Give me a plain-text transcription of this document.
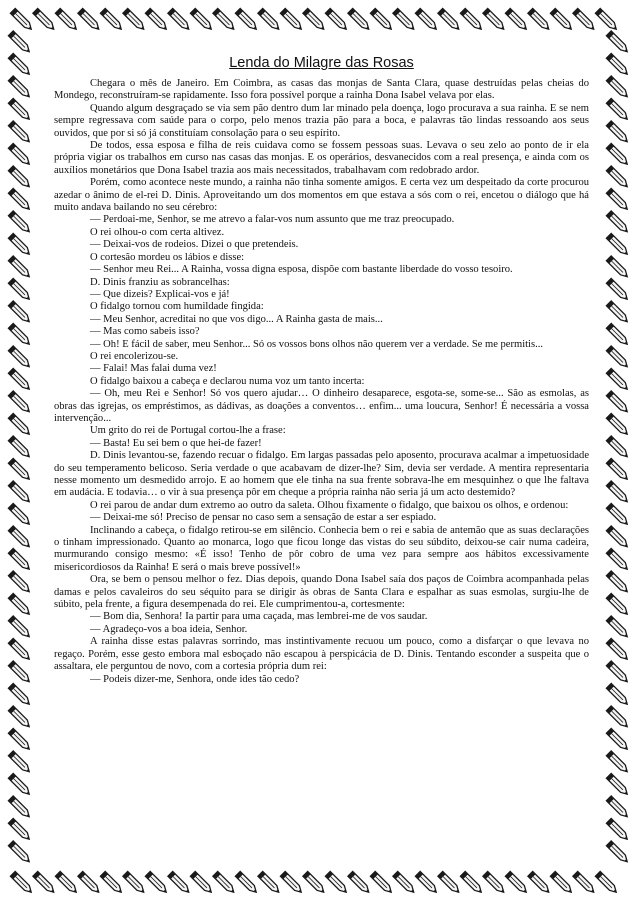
Lenda do Milagre das Rosas

Chegara o mês de Janeiro. Em Coimbra, as casas das monjas de Santa Clara, quase destruídas pelas cheias do Mondego, reconstruíram-se rapidamente. Isso fora possível porque a rainha Dona Isabel velava por elas.

Quando algum desgraçado se via sem pão dentro dum lar minado pela doença, logo procurava a sua rainha. E se nem sempre regressava com saúde para o corpo, pelo menos trazia pão para a boca, e palavras tão lindas ressoando aos seus ouvidos, que por si só já constituíam consolação para o seu espírito.

De todos, essa esposa e filha de reis cuidava como se fossem pessoas suas. Levava o seu zelo ao ponto de ir ela própria vigiar os trabalhos em curso nas casas das monjas. E os operários, desvanecidos com a real presença, e ainda com os auxílios monetários que Dona Isabel trazia aos mais necessitados, trabalhavam com redobrado ardor.

Porém, como acontece neste mundo, a rainha não tinha somente amigos. E certa vez um despeitado da corte procurou azedar o ânimo de el-rei D. Dinis. Aproveitando um dos momentos em que estava a sós com o rei, encetou o diálogo que há muito andava bailando no seu cérebro:

— Perdoai-me, Senhor, se me atrevo a falar-vos num assunto que me traz preocupado.

O rei olhou-o com certa altivez.

— Deixai-vos de rodeios. Dizei o que pretendeis.

O cortesão mordeu os lábios e disse:

— Senhor meu Rei... A Rainha, vossa digna esposa, dispõe com bastante liberdade do vosso tesoiro.

D. Dinis franziu as sobrancelhas:

— Que dizeis? Explicai-vos e já!

O fidalgo tornou com humildade fingida:

— Meu Senhor, acreditai no que vos digo... A Rainha gasta de mais...

— Mas como sabeis isso?

— Oh! E fácil de saber, meu Senhor... Só os vossos bons olhos não querem ver a verdade. Se me permitis...

O rei encolerizou-se.

— Falai! Mas falai duma vez!

O fidalgo baixou a cabeça e declarou numa voz um tanto incerta:

— Oh, meu Rei e Senhor! Só vos quero ajudar… O dinheiro desaparece, esgota-se, some-se... São as esmolas, as obras das igrejas, os empréstimos, as dádivas, as doações a conventos… enfim... uma loucura, Senhor! É necessária a vossa intervenção...

Um grito do rei de Portugal cortou-lhe a frase:

— Basta! Eu sei bem o que hei-de fazer!

D. Dinis levantou-se, fazendo recuar o fidalgo. Em largas passadas pelo aposento, procurava acalmar a impetuosidade do seu temperamento belicoso. Seria verdade o que acabavam de dizer-lhe? Sim, devia ser verdade. A mentira representaria nesse momento um desmedido arrojo. E ao homem que ele tinha na sua frente sobrava-lhe em mesquinhez o que lhe faltava em audácia. E todavia… o vir à sua presença pôr em cheque a própria rainha não seria já um acto destemido?

O rei parou de andar dum extremo ao outro da saleta. Olhou fixamente o fidalgo, que baixou os olhos, e ordenou:

— Deixai-me só! Preciso de pensar no caso sem a sensação de estar a ser espiado.

Inclinando a cabeça, o fidalgo retirou-se em silêncio. Conhecia bem o rei e sabia de antemão que as suas declarações o tinham impressionado. Quanto ao monarca, logo que ficou longe das vistas do seu súbdito, deixou-se cair numa cadeira, murmurando consigo mesmo: «É isso! Tenho de pôr cobro de uma vez para sempre aos hábitos excessivamente misericordiosos da Rainha! E será o mais breve possível!»

Ora, se bem o pensou melhor o fez. Dias depois, quando Dona Isabel saía dos paços de Coimbra acompanhada pelas damas e pelos cavaleiros do seu séquito para se dirigir às obras de Santa Clara e espalhar as suas esmolas, surgiu-lhe de súbito, pela frente, a figura desempenada do rei. Ele cumprimentou-a, cortesmente:

— Bom dia, Senhora! Ia partir para uma caçada, mas lembrei-me de vos saudar.

— Agradeço-vos a boa ideia, Senhor.

A rainha disse estas palavras sorrindo, mas instintivamente recuou um pouco, como a disfarçar o que levava no regaço. Porém, esse gesto embora mal esboçado não escapou à perspicácia de D. Dinis. Tentando esconder a suspeita que o assaltara, ele perguntou de novo, com a cortesia própria dum rei:

— Podeis dizer-me, Senhora, onde ides tão cedo?
